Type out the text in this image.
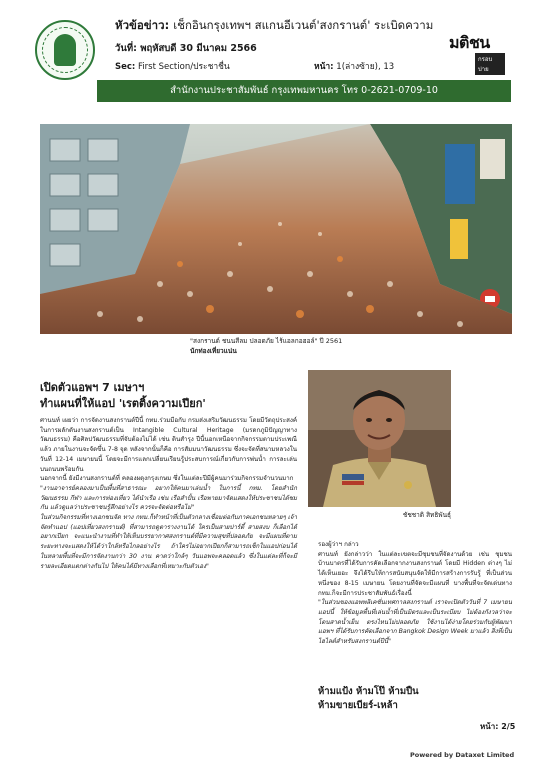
หัวข้อข่าว: เช็กอินกรุงเทพฯ สแกนอีเวนต์'สงกรานต์' ระเบิดความ
วันที่: พฤหัสบดี 30 มีนาคม 2566
Sec: First Section/ประชาชื่น	หน้า: 1(ล่างซ้าย), 13
มติชน
กรอบบ่าย
สำนักงานประชาสัมพันธ์ กรุงเทพมหานคร โทร 0-2621-0709-10
"สงกรานต์ ชนนสีลม ปลอดภัย ไร้แอลกอฮอล์" ปี 2561
นักท่องเที่ยวแน่น
เปิดตัวแอพฯ 7 เมษาฯ
ทำแผนที่ให้แอป 'เรตติ้งความเปียก'

ศานนท์ เผยว่า การจัดงานสงกรานต์ปีนี้ กทม.ร่วมมือกับ กรมส่งเสริมวัฒนธรรม โดยมีวัตถุประสงค์ในการผลักดันงานสงกรานต์เป็น Intangible Cultural Heritage (มรดกภูมิปัญญาทางวัฒนธรรม) คือศิลปวัฒนธรรมที่จับต้องไม่ได้ เช่น ดินสำรุง ปีนี้นอกเหนือจากกิจกรรมตามประเพณีแล้ว ภายในงานจะจัดขึ้น 7-8 จุด หลังจากนั้นก็คือ การสัมมนาวัฒนธรรม ซึ่งจะจัดที่สนามหลวงในวันที่ 12-14 เมษายนนี้ โดยจะมีการแลกเปลี่ยนเรียนรู้ประสบการณ์เกี่ยวกับการพ่นน้ำ การละเล่นบนถนนพร้อมกัน

นอกจากนี้ ยังมีงานสงกรานต์ที่ คลองผดุงกรุงเกษม ซึ่งในแต่ละปีมีผู้คนมาร่วมกิจกรรมจำนวนมาก

"งานอาจารย์คลองมาเป็นพื้นที่สาธารณะ อยากให้คนมาเล่นน้ำ ในการนี้ กทม. โดยสำนักวัฒนธรรม กีฬา และการท่องเที่ยว ได้นำเรือ เช่น เรือสำปั้น เรือพายมาจัดแสดงให้ประชาชนได้ชมกัน แล้วดูแลว่าประชาชนรู้สึกอย่างไร ควรจะจัดต่อหรือไม่"

ในส่วนกิจกรรมที่ทางเอกชนจัด ทาง กทม.ก็ทำหน้าที่เป็นตัวกลางเชื่อมต่อกับภาคเอกชนหลายๆ เจ้า จัดทำแอป (แอปเที่ยวสงกรานต์) ที่สามารถดูตารางงานได้ ใครเป็นสายปาร์ตี้ สายสงบ ก็เลือกได้ อยากเปียก จะแนะนำงานที่ทำให้เห็นบรรยากาศสงกรานต์ที่มีความสุขที่ปลอดภัย จะมีแผนที่ตามระยะทางจะแสดงให้ได้ว่าใกล้หรือไกลอย่างไร ถ้าใครไม่อยากเปียกก็สามารถเช็กในแอปก่อนได้ ในหลายพื้นที่จะมีการจัดงานกว่า 30 งาน คาดว่าใกล้ๆ วันแอพจะคลอดแล้ว ซึ่งในแต่ละที่ก็จะมีรายละเอียดแตกต่างกันไป ให้คนได้มีทางเลือกที่เหมาะกับตัวเอง"

ชัชชาติ สิทธิพันธุ์

รองผู้ว่าฯ กล่าว

ศานนท์ ยังกล่าวว่า ในแต่ละเขตจะมีชุมชนที่จัดงานด้วย เช่น ชุมชนบ้านบาตรที่ได้รับการคัดเลือกจากงานสงกรานต์ โดยมี Hidden ต่างๆ ไม่ได้เห็นเยอะ จึงได้รีบให้การสนับสนุนจัดให้มีการสร้างการรับรู้ ที่เป็นส่วนหนึ่งของ 8-15 เมษายน โดยงานที่จัดจะมีแผนที่ บางพื้นที่จะจัดเด่นทาง กทม.ก็จะมีการประชาสัมพันธ์เรื่องนี้

"ในส่วนของแอพพลิเคชั่นเทศกาลสงกรานต์ เราจะเปิดตัววันที่ 7 เมษายน แอปนี้ ให้ข้อมูลพื้นที่เล่นน้ำที่เป็นมิตรและเป็นระเบียบ ไม่ต้องกังวลว่าจะโดนสาดน้ำเย็น ตรงไหนไม่ปลอดภัย ใช้งานได้ง่ายโดยร่วมกับผู้พัฒนาแอพฯ ที่ได้รับการคัดเลือกจาก Bangkok Design Week มาแล้ว สิ่งที่เป็นไฮไลต์สำหรับสงกรานต์ปีนี้"

ห้ามแป้ง ห้ามโป๊ ห้ามปืน
ห้ามขายเบียร์-เหล้า
หน้า: 2/5
Powered by Dataxet Limited
